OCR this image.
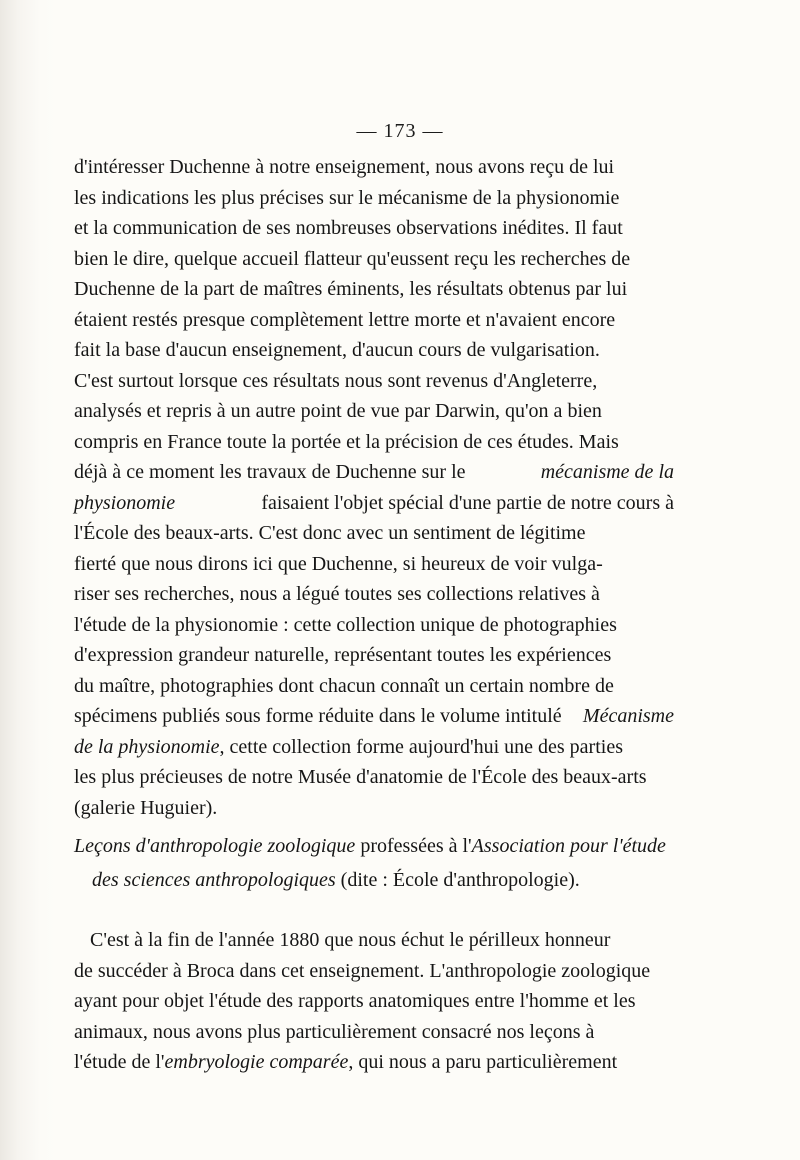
— 173 —
d'intéresser Duchenne à notre enseignement, nous avons reçu de lui
les indications les plus précises sur le mécanisme de la physionomie
et la communication de ses nombreuses observations inédites. Il faut
bien le dire, quelque accueil flatteur qu'eussent reçu les recherches de
Duchenne de la part de maîtres éminents, les résultats obtenus par lui
étaient restés presque complètement lettre morte et n'avaient encore
fait la base d'aucun enseignement, d'aucun cours de vulgarisation.
C'est surtout lorsque ces résultats nous sont revenus d'Angleterre,
analysés et repris à un autre point de vue par Darwin, qu'on a bien
compris en France toute la portée et la précision de ces études. Mais
déjà à ce moment les travaux de Duchenne sur le	mécanisme de la
physionomie	faisaient l'objet spécial d'une partie de notre cours à
l'École des beaux-arts. C'est donc avec un sentiment de légitime
fierté que nous dirons ici que Duchenne, si heureux de voir vulga-
riser ses recherches, nous a légué toutes ses collections relatives à
l'étude de la physionomie : cette collection unique de photographies
d'expression grandeur naturelle, représentant toutes les expériences
du maître, photographies dont chacun connaît un certain nombre de
spécimens publiés sous forme réduite dans le volume intitulé Mécanisme
de la physionomie , cette collection forme aujourd'hui une des parties
les plus précieuses de notre Musée d'anatomie de l'École des beaux-arts
(galerie Huguier).
Leçons d'anthropologie zoologique professées à l' Association pour l'étude
des sciences anthropologiques (dite : École d'anthropologie).
C'est à la fin de l'année 1880 que nous échut le périlleux honneur
de succéder à Broca dans cet enseignement. L'anthropologie zoologique
ayant pour objet l'étude des rapports anatomiques entre l'homme et les
animaux, nous avons plus particulièrement consacré nos leçons à
l'étude de l' embryologie comparée , qui nous a paru particulièrement
